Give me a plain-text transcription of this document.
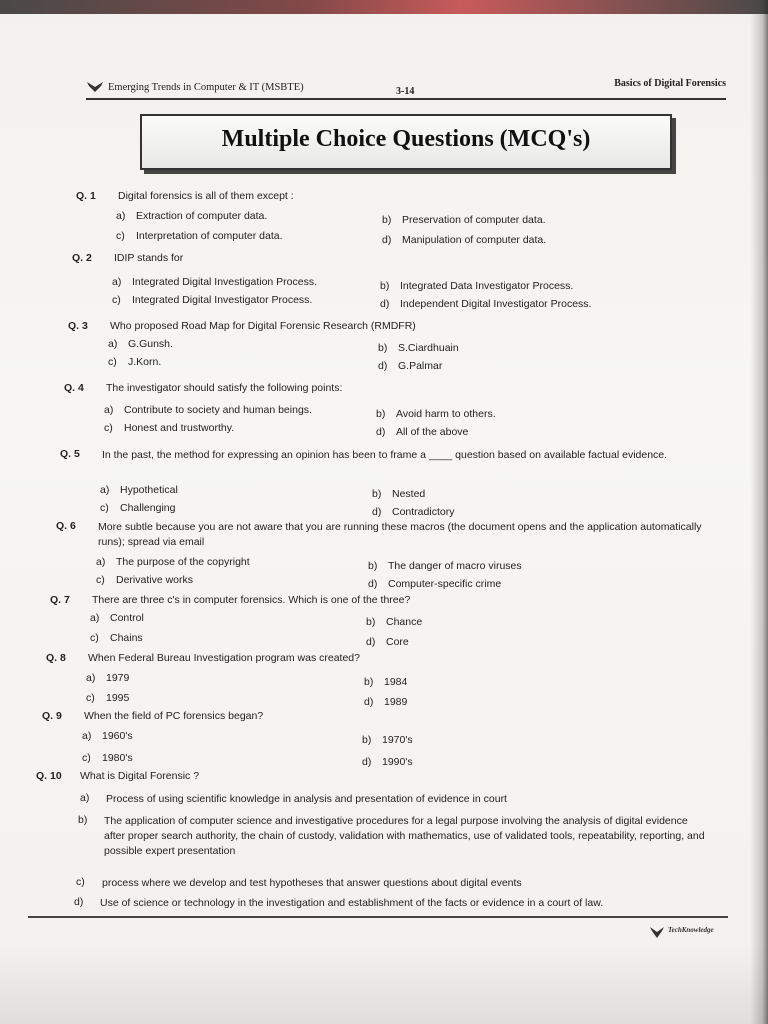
Emerging Trends in Computer & IT (MSBTE)	3-14
Basics of Digital Forensics
Multiple Choice Questions (MCQ's)
Q. 1 Digital forensics is all of them except :
a) Extraction of computer data.	b) Preservation of computer data.
c) Interpretation of computer data.	d) Manipulation of computer data.
Q. 2 IDIP stands for
a) Integrated Digital Investigation Process.	b) Integrated Data Investigator Process.
c) Integrated Digital Investigator Process.	d) Independent Digital Investigator Process.
Q. 3 Who proposed Road Map for Digital Forensic Research (RMDFR)
a) G.Gunsh.	b) S.Ciardhuain
c) J.Korn.	d) G.Palmar
Q. 4 The investigator should satisfy the following points:
a) Contribute to society and human beings.	b) Avoid harm to others.
c) Honest and trustworthy.	d) All of the above
Q. 5 In the past, the method for expressing an opinion has been to frame a ____ question based on available factual evidence.
a) Hypothetical	b) Nested
c) Challenging	d) Contradictory
Q. 6 More subtle because you are not aware that you are running these macros (the document opens and the application automatically runs); spread via email
a) The purpose of the copyright	b) The danger of macro viruses
c) Derivative works	d) Computer-specific crime
Q. 7 There are three c's in computer forensics. Which is one of the three?
a) Control	b) Chance
c) Chains	d) Core
Q. 8 When Federal Bureau Investigation program was created?
a) 1979	b) 1984
c) 1995	d) 1989
Q. 9 When the field of PC forensics began?
a) 1960's	b) 1970's
c) 1980's	d) 1990's
Q. 10 What is Digital Forensic ?
a) Process of using scientific knowledge in analysis and presentation of evidence in court
b) The application of computer science and investigative procedures for a legal purpose involving the analysis of digital evidence after proper search authority, the chain of custody, validation with mathematics, use of validated tools, repeatability, reporting, and possible expert presentation
c) process where we develop and test hypotheses that answer questions about digital events
d) Use of science or technology in the investigation and establishment of the facts or evidence in a court of law.
TechKnowledge
